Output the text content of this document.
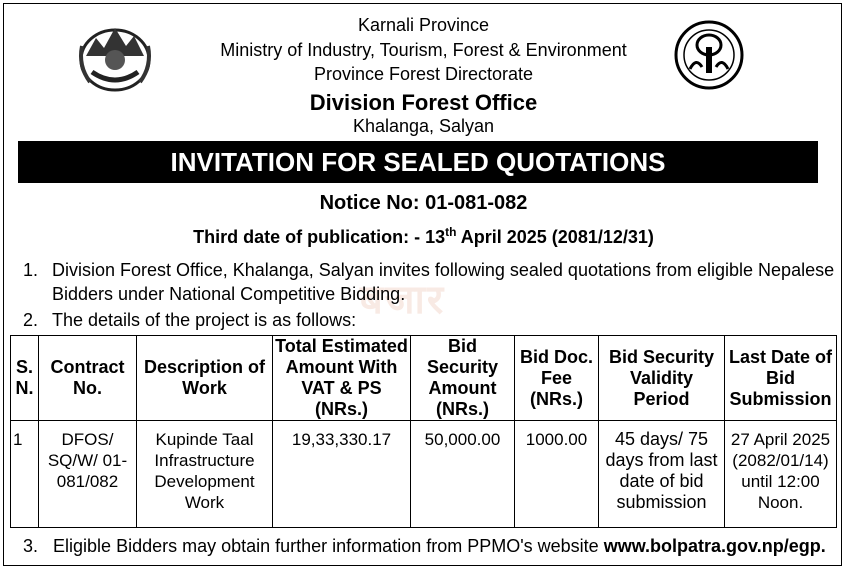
Karnali Province
Ministry of Industry, Tourism, Forest & Environment
Province Forest Directorate
Division Forest Office
Khalanga, Salyan
INVITATION FOR SEALED QUOTATIONS
Notice No: 01-081-082
Third date of publication: - 13th April 2025 (2081/12/31)
बजार
1. Division Forest Office, Khalanga, Salyan invites following sealed quotations from eligible Nepalese Bidders under National Competitive Bidding.
2. The details of the project is as follows:
S. N.	Contract No.	Description of Work	Total Estimated Amount With VAT & PS (NRs.)	Bid Security Amount (NRs.)	Bid Doc. Fee (NRs.)	Bid Security Validity Period	Last Date of Bid Submission
1	DFOS/ SQ/W/ 01-081/082	Kupinde Taal Infrastructure Development Work	19,33,330.17	50,000.00	1000.00	45 days/ 75 days from last date of bid submission	27 April 2025 (2082/01/14) until 12:00 Noon.
3. Eligible Bidders may obtain further information from PPMO's website www.bolpatra.gov.np/egp.
